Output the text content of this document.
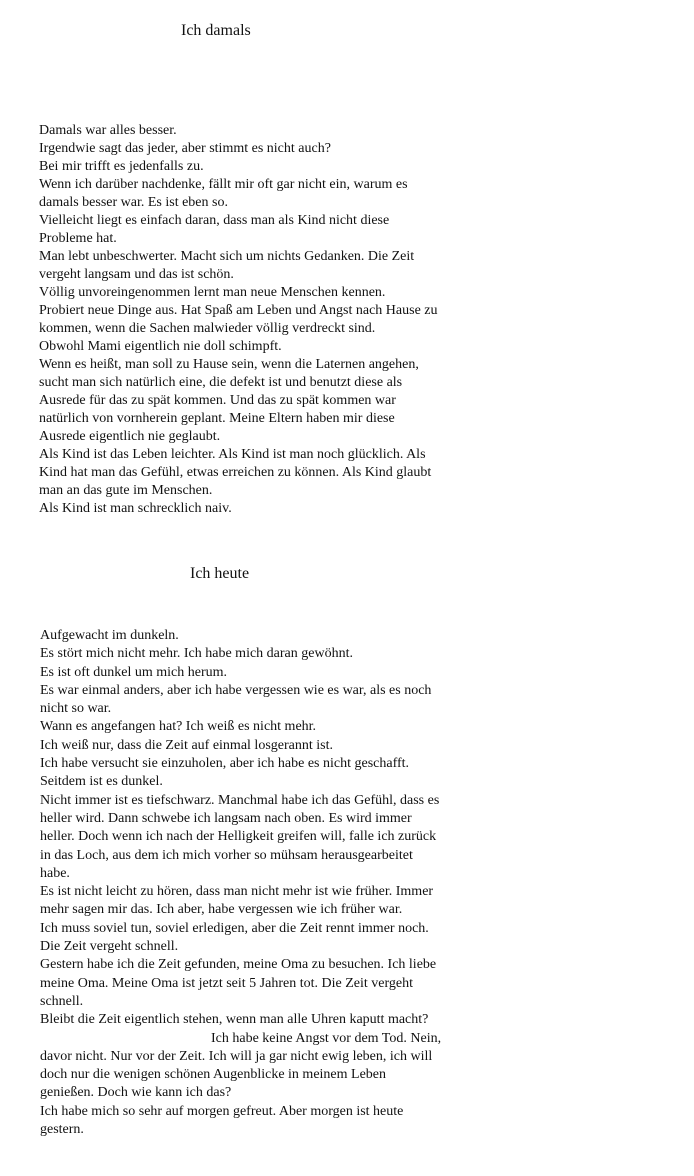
Ich damals
Damals war alles besser.
Irgendwie sagt das jeder, aber stimmt es nicht auch?
Bei mir trifft es jedenfalls zu.
Wenn ich darüber nachdenke, fällt mir oft gar nicht ein, warum es
damals besser war. Es ist eben so.
Vielleicht liegt es einfach daran, dass man als Kind nicht diese
Probleme hat.
Man lebt unbeschwerter. Macht sich um nichts Gedanken. Die Zeit
vergeht langsam und das ist schön.
Völlig unvoreingenommen lernt man neue Menschen kennen.
Probiert neue Dinge aus. Hat Spaß am Leben und Angst nach Hause zu
kommen, wenn die Sachen malwieder völlig verdreckt sind.
Obwohl Mami eigentlich nie doll schimpft.
Wenn es heißt, man soll zu Hause sein, wenn die Laternen angehen,
sucht man sich natürlich eine, die defekt ist und benutzt diese als
Ausrede für das zu spät kommen. Und das zu spät kommen war
natürlich von vornherein geplant. Meine Eltern haben mir diese
Ausrede eigentlich nie geglaubt.
Als Kind ist das Leben leichter. Als Kind ist man noch glücklich. Als
Kind hat man das Gefühl, etwas erreichen zu können. Als Kind glaubt
man an das gute im Menschen.
Als Kind ist man schrecklich naiv.
Ich heute
Aufgewacht im dunkeln.
Es stört mich nicht mehr. Ich habe mich daran gewöhnt.
Es ist oft dunkel um mich herum.
Es war einmal anders, aber ich habe vergessen wie es war, als es noch
nicht so war.
Wann es angefangen hat? Ich weiß es nicht mehr.
Ich weiß nur, dass die Zeit auf einmal losgerannt ist.
Ich habe versucht sie einzuholen, aber ich habe es nicht geschafft.
Seitdem ist es dunkel.
Nicht immer ist es tiefschwarz. Manchmal habe ich das Gefühl, dass es
heller wird. Dann schwebe ich langsam nach oben. Es wird immer
heller. Doch wenn ich nach der Helligkeit greifen will, falle ich zurück
in das Loch, aus dem ich mich vorher so mühsam herausgearbeitet
habe.
Es ist nicht leicht zu hören, dass man nicht mehr ist wie früher. Immer
mehr sagen mir das. Ich aber, habe vergessen wie ich früher war.
Ich muss soviel tun, soviel erledigen, aber die Zeit rennt immer noch.
Die Zeit vergeht schnell.
Gestern habe ich die Zeit gefunden, meine Oma zu besuchen. Ich liebe
meine Oma. Meine Oma ist jetzt seit 5 Jahren tot. Die Zeit vergeht
schnell.
Bleibt die Zeit eigentlich stehen, wenn man alle Uhren kaputt macht?
Ich habe keine Angst vor dem Tod. Nein,
davor nicht. Nur vor der Zeit. Ich will ja gar nicht ewig leben, ich will
doch nur die wenigen schönen Augenblicke in meinem Leben
genießen. Doch wie kann ich das?
Ich habe mich so sehr auf morgen gefreut. Aber morgen ist heute
gestern.
